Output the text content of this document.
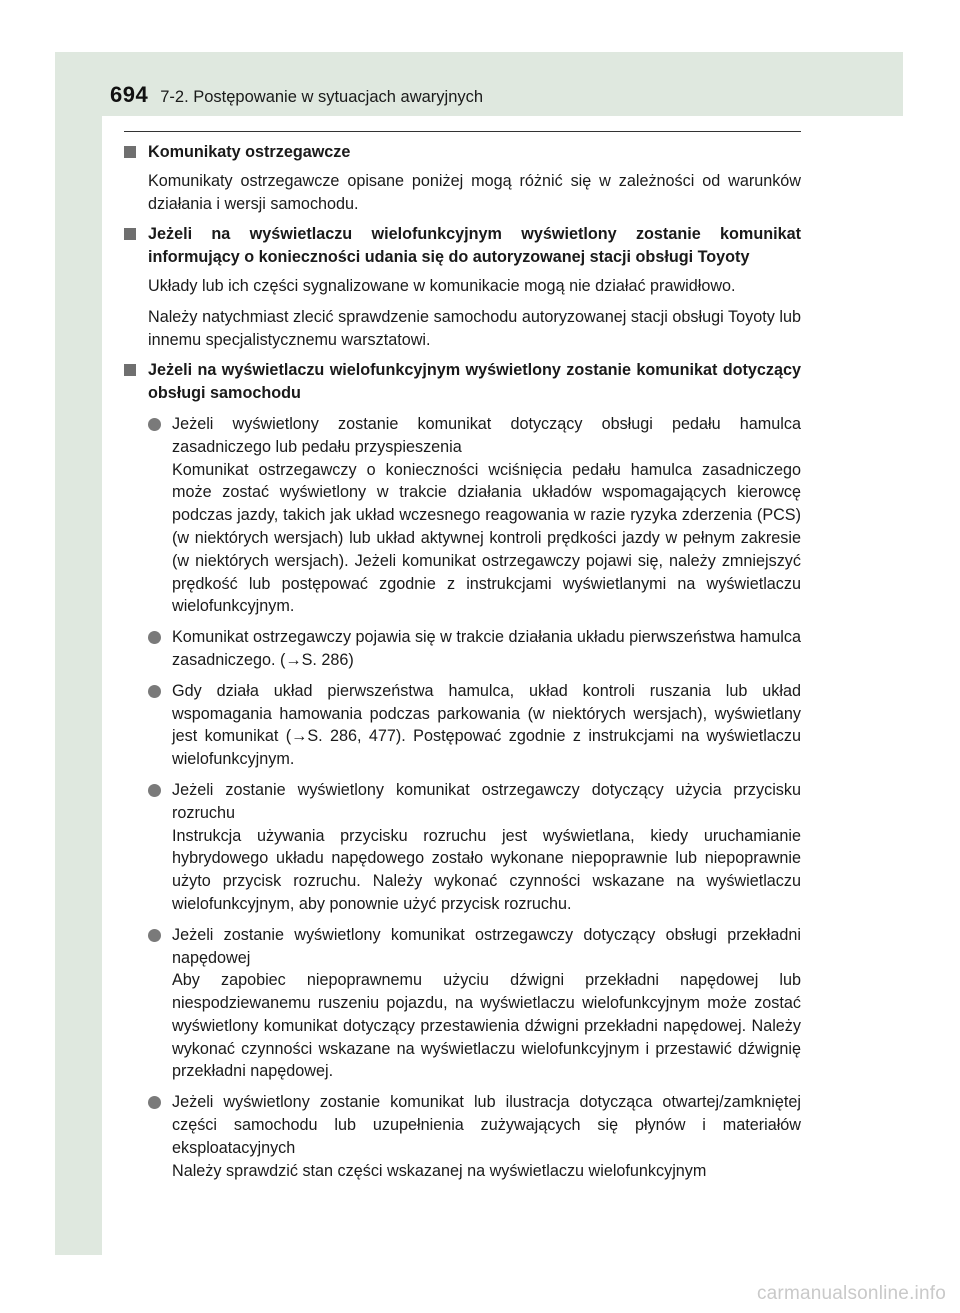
694 7-2. Postępowanie w sytuacjach awaryjnych
Komunikaty ostrzegawcze

Komunikaty ostrzegawcze opisane poniżej mogą różnić się w zależności od warunków działania i wersji samochodu.

Jeżeli na wyświetlaczu wielofunkcyjnym wyświetlony zostanie komunikat informujący o konieczności udania się do autoryzowanej stacji obsługi Toyoty

Układy lub ich części sygnalizowane w komunikacie mogą nie działać prawidłowo.

Należy natychmiast zlecić sprawdzenie samochodu autoryzowanej stacji obsługi Toyoty lub innemu specjalistycznemu warsztatowi.

Jeżeli na wyświetlaczu wielofunkcyjnym wyświetlony zostanie komunikat dotyczący obsługi samochodu
Jeżeli wyświetlony zostanie komunikat dotyczący obsługi pedału hamulca zasadniczego lub pedału przyspieszenia
Komunikat ostrzegawczy o konieczności wciśnięcia pedału hamulca zasadniczego może zostać wyświetlony w trakcie działania układów wspomagających kierowcę podczas jazdy, takich jak układ wczesnego reagowania w razie ryzyka zderzenia (PCS) (w niektórych wersjach) lub układ aktywnej kontroli prędkości jazdy w pełnym zakresie (w niektórych wersjach). Jeżeli komunikat ostrzegawczy pojawi się, należy zmniejszyć prędkość lub postępować zgodnie z instrukcjami wyświetlanymi na wyświetlaczu wielofunkcyjnym.
Komunikat ostrzegawczy pojawia się w trakcie działania układu pierwszeństwa hamulca zasadniczego. (→S. 286)
Gdy działa układ pierwszeństwa hamulca, układ kontroli ruszania lub układ wspomagania hamowania podczas parkowania (w niektórych wersjach), wyświetlany jest komunikat (→S. 286, 477). Postępować zgodnie z instrukcjami na wyświetlaczu wielofunkcyjnym.
Jeżeli zostanie wyświetlony komunikat ostrzegawczy dotyczący użycia przycisku rozruchu
Instrukcja używania przycisku rozruchu jest wyświetlana, kiedy uruchamianie hybrydowego układu napędowego zostało wykonane niepoprawnie lub niepoprawnie użyto przycisk rozruchu. Należy wykonać czynności wskazane na wyświetlaczu wielofunkcyjnym, aby ponownie użyć przycisk rozruchu.
Jeżeli zostanie wyświetlony komunikat ostrzegawczy dotyczący obsługi przekładni napędowej
Aby zapobiec niepoprawnemu użyciu dźwigni przekładni napędowej lub niespodziewanemu ruszeniu pojazdu, na wyświetlaczu wielofunkcyjnym może zostać wyświetlony komunikat dotyczący przestawienia dźwigni przekładni napędowej. Należy wykonać czynności wskazane na wyświetlaczu wielofunkcyjnym i przestawić dźwignię przekładni napędowej.
Jeżeli wyświetlony zostanie komunikat lub ilustracja dotycząca otwartej/zamkniętej części samochodu lub uzupełnienia zużywających się płynów i materiałów eksploatacyjnych
Należy sprawdzić stan części wskazanej na wyświetlaczu wielofunkcyjnym
carmanualsonline.info
